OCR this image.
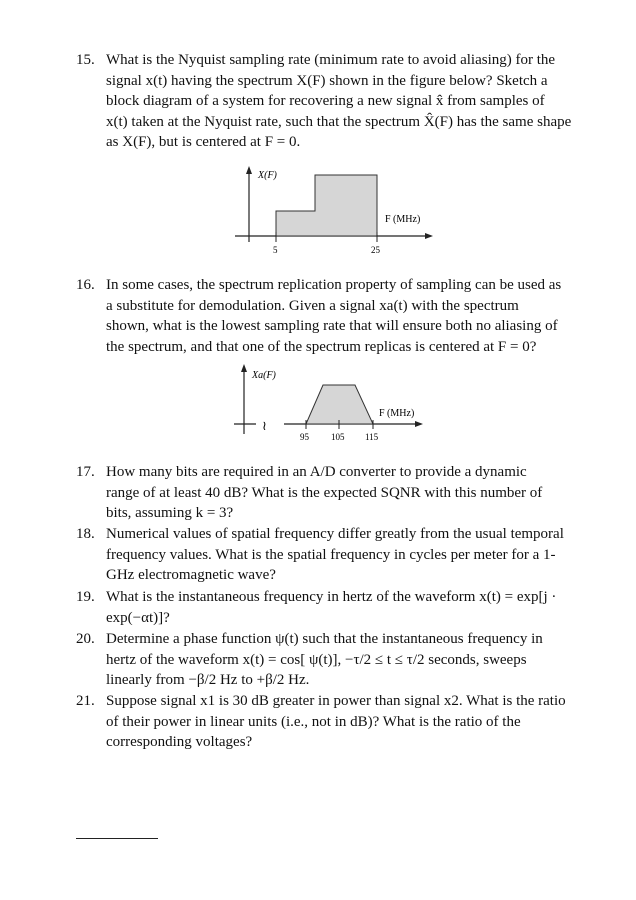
15. What is the Nyquist sampling rate (minimum rate to avoid aliasing) for the
signal x(t) having the spectrum X(F) shown in the figure below? Sketch a
block diagram of a system for recovering a new signal x̂ from samples of
x(t) taken at the Nyquist rate, such that the spectrum X̂(F) has the same shape
as X(F), but is centered at F = 0.
5	25
X(F)
F (MHz)
16. In some cases, the spectrum replication property of sampling can be used as
a substitute for demodulation. Given a signal xa(t) with the spectrum
shown, what is the lowest sampling rate that will ensure both no aliasing of
the spectrum, and that one of the spectrum replicas is centered at F = 0?
≀
95 105 115
Xa(F)
F (MHz)
17. How many bits are required in an A/D converter to provide a dynamic
range of at least 40 dB? What is the expected SQNR with this number of
bits, assuming k = 3?
18. Numerical values of spatial frequency differ greatly from the usual temporal
frequency values. What is the spatial frequency in cycles per meter for a 1-
GHz electromagnetic wave?
19. What is the instantaneous frequency in hertz of the waveform x(t) = exp[j ·
exp(−αt)]?
20. Determine a phase function ψ(t) such that the instantaneous frequency in
hertz of the waveform x(t) = cos[ ψ(t)], −τ/2 ≤ t ≤ τ/2 seconds, sweeps
linearly from −β/2 Hz to +β/2 Hz.
21. Suppose signal x1 is 30 dB greater in power than signal x2. What is the ratio
of their power in linear units (i.e., not in dB)? What is the ratio of the
corresponding voltages?
